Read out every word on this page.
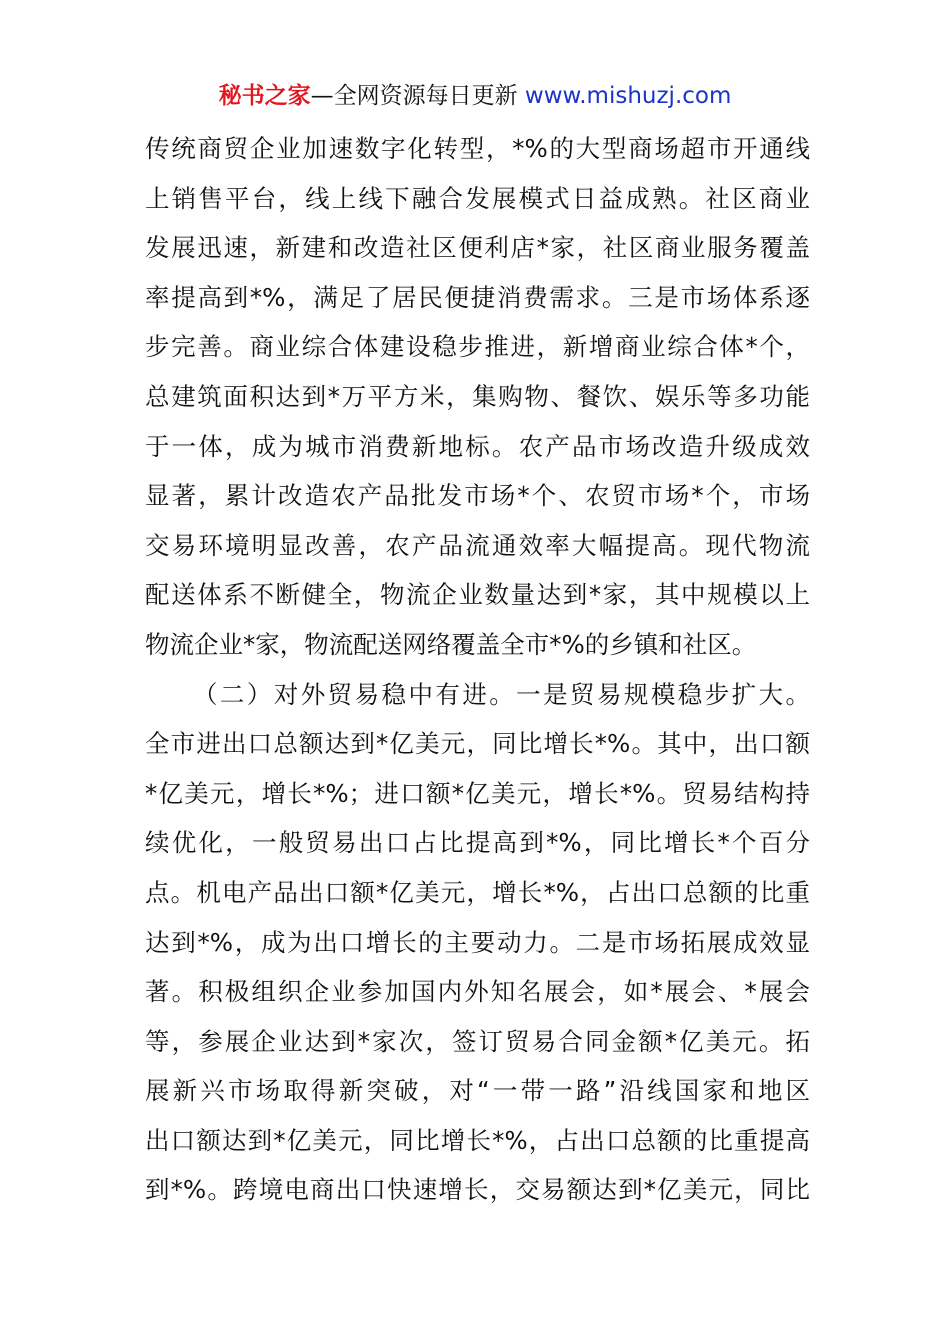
秘书之家—全网资源每日更新 www.mishuzj.com
传统商贸企业加速数字化转型，*%的大型商场超市开通线
上销售平台，线上线下融合发展模式日益成熟。社区商业
发展迅速，新建和改造社区便利店*家，社区商业服务覆盖
率提高到*%，满足了居民便捷消费需求。三是市场体系逐
步完善。商业综合体建设稳步推进，新增商业综合体*个，
总建筑面积达到*万平方米，集购物、餐饮、娱乐等多功能
于一体，成为城市消费新地标。农产品市场改造升级成效
显著，累计改造农产品批发市场*个、农贸市场*个，市场
交易环境明显改善，农产品流通效率大幅提高。现代物流
配送体系不断健全，物流企业数量达到*家，其中规模以上
物流企业*家，物流配送网络覆盖全市*%的乡镇和社区。
（二）对外贸易稳中有进。一是贸易规模稳步扩大。
全市进出口总额达到*亿美元，同比增长*%。其中，出口额
*亿美元，增长*%；进口额*亿美元，增长*%。贸易结构持
续优化，一般贸易出口占比提高到*%，同比增长*个百分
点。机电产品出口额*亿美元，增长*%，占出口总额的比重
达到*%，成为出口增长的主要动力。二是市场拓展成效显
著。积极组织企业参加国内外知名展会，如*展会、*展会
等，参展企业达到*家次，签订贸易合同金额*亿美元。拓
展新兴市场取得新突破，对“一带一路”沿线国家和地区
出口额达到*亿美元，同比增长*%，占出口总额的比重提高
到*%。跨境电商出口快速增长，交易额达到*亿美元，同比
